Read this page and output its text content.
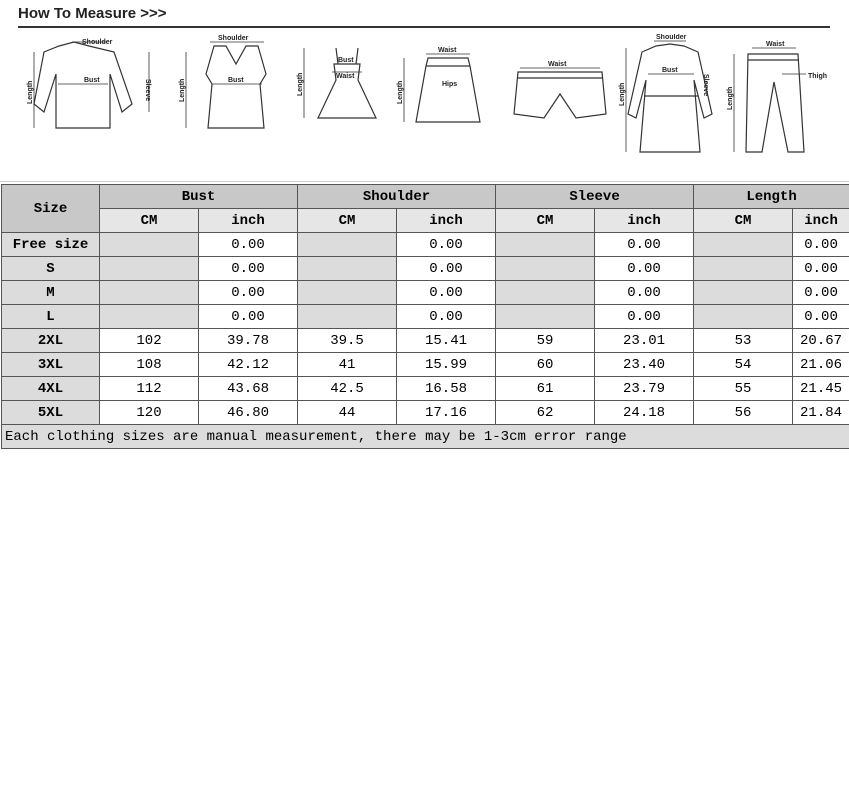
How To Measure >>>
Shoulder
Bust	Sleeve
Length
Shoulder
Bust
Length
Bust
Waist
Length
Waist
Hips
Length
Waist
Shoulder
Bust
Sleeve
Length
Waist
Thigh
Length
Size	Bust		Shoulder		Sleeve		Length	
	CM	inch	CM	inch	CM	inch	CM	inch
Free size		0.00		0.00		0.00		0.00
S		0.00		0.00		0.00		0.00
M		0.00		0.00		0.00		0.00
L		0.00		0.00		0.00		0.00
2XL	102	39.78	39.5	15.41	59	23.01	53	20.67
3XL	108	42.12	41	15.99	60	23.40	54	21.06
4XL	112	43.68	42.5	16.58	61	23.79	55	21.45
5XL	120	46.80	44	17.16	62	24.18	56	21.84
Each clothing sizes are manual measurement, there may be 1-3cm error range								
